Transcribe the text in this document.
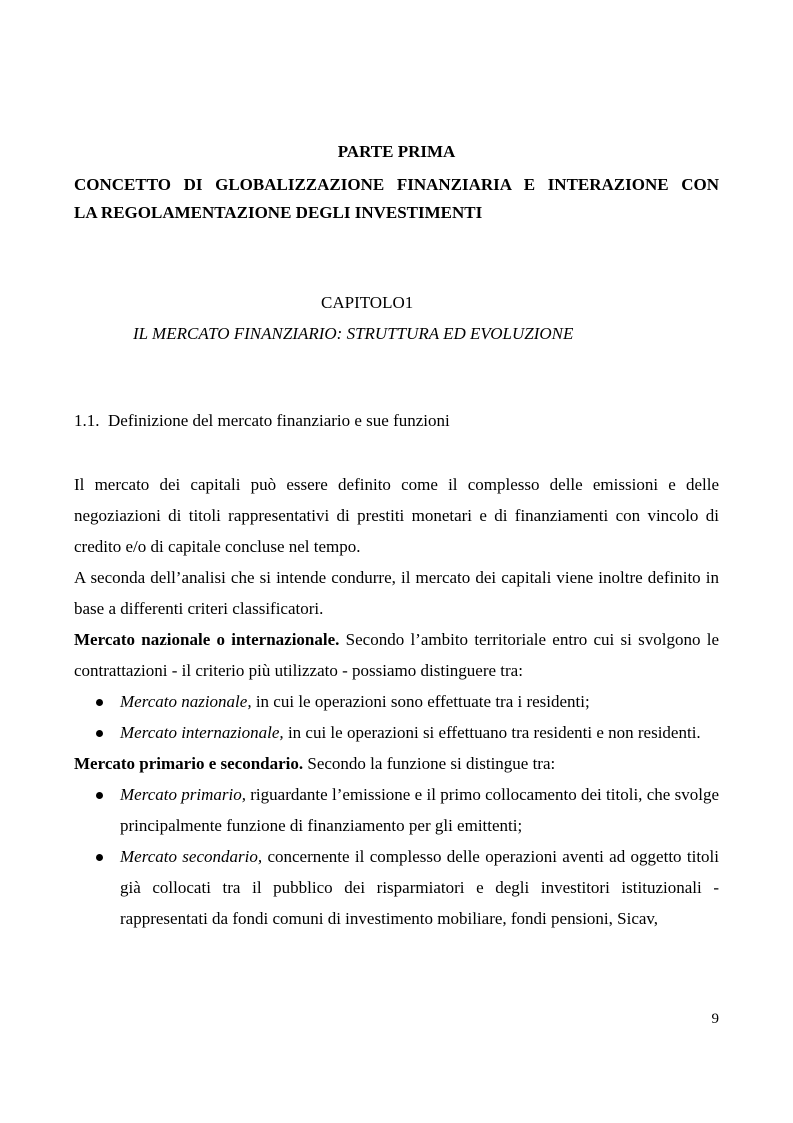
PARTE PRIMA
CONCETTO DI GLOBALIZZAZIONE FINANZIARIA E INTERAZIONE CON
LA REGOLAMENTAZIONE DEGLI INVESTIMENTI
CAPITOLO1
IL MERCATO FINANZIARIO: STRUTTURA ED EVOLUZIONE
1.1. Definizione del mercato finanziario e sue funzioni

Il mercato dei capitali può essere definito come il complesso delle emissioni e delle negoziazioni di titoli rappresentativi di prestiti monetari e di finanziamenti con vincolo di credito e/o di capitale concluse nel tempo.

A seconda dell’analisi che si intende condurre, il mercato dei capitali viene inoltre definito in base a differenti criteri classificatori.

Mercato nazionale o internazionale. Secondo l’ambito territoriale entro cui si svolgono le contrattazioni - il criterio più utilizzato - possiamo distinguere tra:

Mercato nazionale, in cui le operazioni sono effettuate tra i residenti;
Mercato internazionale, in cui le operazioni si effettuano tra residenti e non residenti.

Mercato primario e secondario. Secondo la funzione si distingue tra:

Mercato primario, riguardante l’emissione e il primo collocamento dei titoli, che svolge principalmente funzione di finanziamento per gli emittenti;
Mercato secondario, concernente il complesso delle operazioni aventi ad oggetto titoli già collocati tra il pubblico dei risparmiatori e degli investitori istituzionali - rappresentati da fondi comuni di investimento mobiliare, fondi pensioni, Sicav,
9
